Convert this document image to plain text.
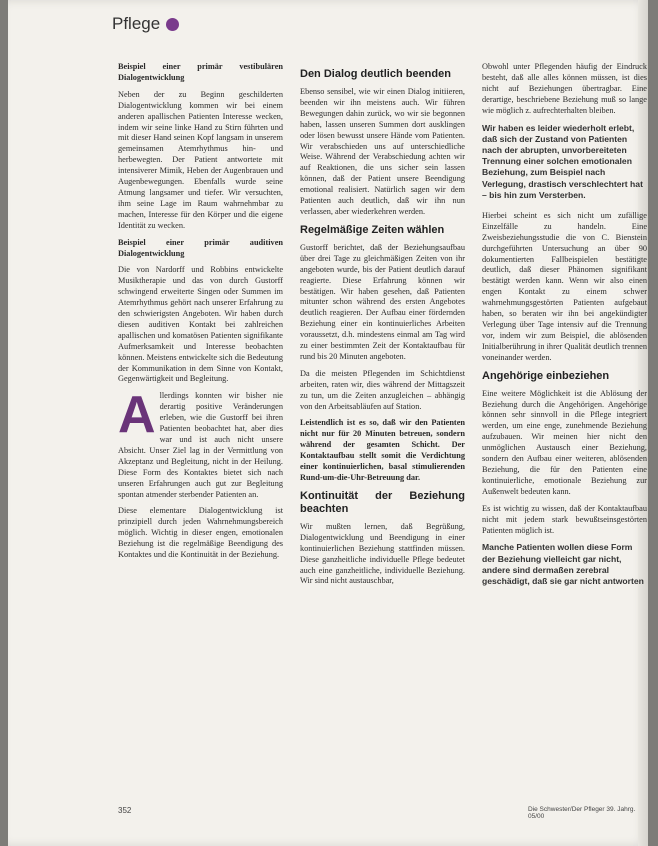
Pflege

Beispiel einer primär vestibulären Dialogentwicklung

Neben der zu Beginn geschilderten Dialogentwicklung kommen wir bei einem anderen apallischen Patienten Interesse wecken, indem wir seine linke Hand zu Stirn führten und mit dieser Hand seinen Kopf langsam in unserem gemeinsamen Atemrhythmus hin- und herbewegten. Der Patient antwortete mit intensiverer Mimik, Heben der Augenbrauen und Augenbewegungen. Ebenfalls wurde seine Atmung langsamer und tiefer. Wir versuchten, ihm seine Lage im Raum wahrnehmbar zu machen, Interesse für den Körper und die eigene Identität zu wecken.

Beispiel einer primär auditiven Dialogentwicklung

Die von Nardorff und Robbins entwickelte Musiktherapie und das von durch Gustorff schwingend erweiterte Singen oder Summen im Atemrhythmus gehört nach unserer Erfahrung zu den schwierigsten Angeboten. Wir haben durch diesen auditiven Kontakt bei zahlreichen apallischen und komatösen Patienten signifikante Aufmerksamkeit und Interesse beobachten können. Meistens entwickelte sich die Bedeutung der Kommunikation in dem Sinne von Kontakt, Gegenwärtigkeit und Begleitung.

Allerdings konnten wir bisher nie derartig positive Veränderungen erleben, wie die Gustorff bei ihren Patienten beobachtet hat, aber dies war und ist auch nicht unsere Absicht. Unser Ziel lag in der Vermittlung von Akzeptanz und Begleitung, nicht in der Heilung. Diese Form des Kontaktes bietet sich nach unseren Erfahrungen auch gut zur Begleitung spontan atmender sterbender Patienten an.

Diese elementare Dialogentwicklung ist prinzipiell durch jeden Wahrnehmungsbereich möglich. Wichtig in dieser engen, emotionalen Beziehung ist die regelmäßige Beendigung des Kontaktes und die Kontinuität in der Beziehung.

Den Dialog deutlich beenden

Ebenso sensibel, wie wir einen Dialog initiieren, beenden wir ihn meistens auch. Wir führen Bewegungen dahin zurück, wo wir sie begonnen haben, lassen unseren Summen dort ausklingen oder lösen bewusst unsere Hände vom Patienten. Wir verabschieden uns auf unterschiedliche Weise. Während der Verabschiedung achten wir auf Reaktionen, die uns sicher sein lassen können, daß der Patient unsere Beendigung emotional realisiert. Natürlich sagen wir dem Patienten auch deutlich, daß wir ihn nun verlassen, aber wiederkehren werden.

Regelmäßige Zeiten wählen

Gustorff berichtet, daß der Beziehungsaufbau über drei Tage zu gleichmäßigen Zeiten von ihr angeboten wurde, bis der Patient deutlich darauf reagierte. Diese Erfahrung können wir bestätigen. Wir haben gesehen, daß Patienten mitunter schon während des ersten Angebotes deutlich reagieren. Der Aufbau einer fördernden Beziehung einer ein kontinuierliches Arbeiten voraussetzt, d.h. mindestens einmal am Tag wird zu einer bestimmten Zeit der Kontaktaufbau für rund bis 20 Minuten angeboten.

Da die meisten Pflegenden im Schichtdienst arbeiten, raten wir, dies während der Mittagszeit zu tun, um die Zeiten anzugleichen – abhängig von den Arbeitsabläufen auf Station.

Leistendlich ist es so, daß wir den Patienten nicht nur für 20 Minuten betreuen, sondern während der gesamten Schicht. Der Kontaktaufbau stellt somit die Verdichtung einer kontinuierlichen, basal stimulierenden Rund-um-die-Uhr-Betreuung dar.

Kontinuität der Beziehung beachten

Wir mußten lernen, daß Begrüßung, Dialogentwicklung und Beendigung in einer kontinuierlichen Beziehung stattfinden müssen. Diese ganzheitliche individuelle Pflege bedeutet auch eine ganzheitliche, individuelle Beziehung. Wir sind nicht austauschbar,

Obwohl unter Pflegenden häufig der Eindruck besteht, daß alle alles können müssen, ist dies nicht auf Beziehungen übertragbar. Eine derartige, beschriebene Beziehung muß so lange wie möglich z. aufrechterhalten bleiben.

Wir haben es leider wiederholt erlebt, daß sich der Zustand von Patienten nach der abrupten, unvorbereiteten Trennung einer solchen emotionalen Beziehung, zum Beispiel nach Verlegung, drastisch verschlechtert hat – bis hin zum Versterben.

Hierbei scheint es sich nicht um zufällige Einzelfälle zu handeln. Eine Zweisbeziehungsstudie die von C. Bienstein durchgeführten Untersuchung an über 90 dokumentierten Fallbeispielen bestätigte deutlich, daß dieser Phänomen signifikant bestätigt werden kann. Wenn wir also einen engen Kontakt zu einem schwer wahrnehmungsgestörten Patienten aufgebaut haben, so beraten wir ihn bei angekündigter Verlegung über Tage intensiv auf die Trennung vor, indem wir zum Beispiel, die ablösenden Initialberührung in ihrer Qualität deutlich trennen voneinander werden.

Angehörige einbeziehen

Eine weitere Möglichkeit ist die Ablösung der Beziehung durch die Angehörigen. Angehörige können sehr sinnvoll in die Pflege integriert werden, um eine enge, zunehmende Beziehung aufzubauen. Wir meinen hier nicht den unmöglichen Austausch einer Beziehung, sondern den Aufbau einer weiteren, ablösenden Beziehung, die für den Patienten eine kontinuierliche, emotionale Beziehung zur Außenwelt bedeuten kann.

Es ist wichtig zu wissen, daß der Kontaktaufbau nicht mit jedem stark bewußtseinsgestörten Patienten möglich ist.

Manche Patienten wollen diese Form der Beziehung vielleicht gar nicht, andere sind dermaßen zerebral geschädigt, daß sie gar nicht antworten
352	Die Schwester/Der Pfleger 39. Jahrg. 05/00
